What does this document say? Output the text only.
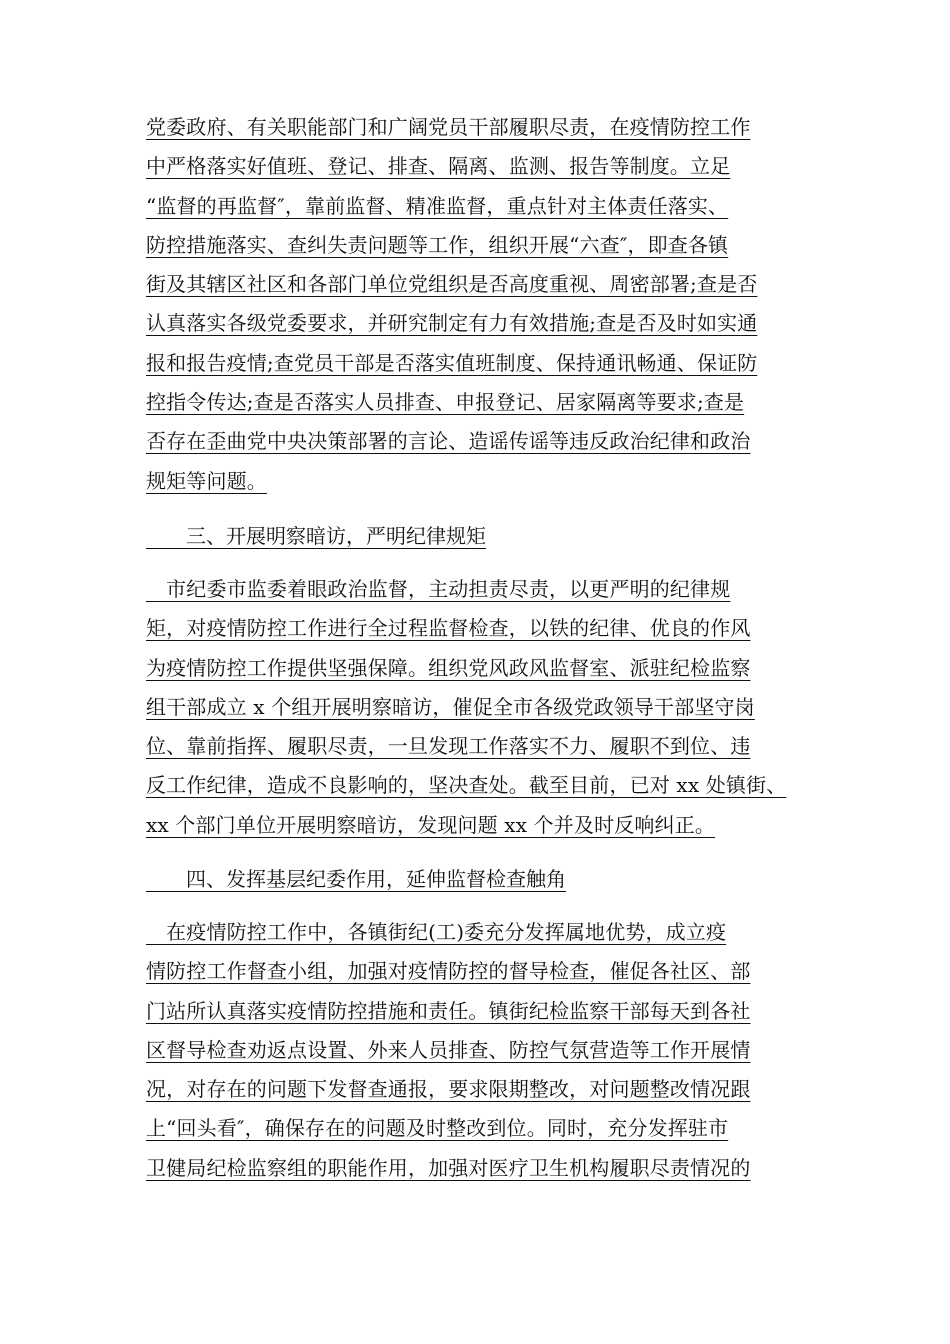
党委政府、有关职能部门和广阔党员干部履职尽责，在疫情防控工作
中严格落实好值班、登记、排查、隔离、监测、报告等制度。立足
“监督的再监督″，靠前监督、精准监督，重点针对主体责任落实、
防控措施落实、查纠失责问题等工作，组织开展“六查″，即查各镇
街及其辖区社区和各部门单位党组织是否高度重视、周密部署;查是否
认真落实各级党委要求，并研究制定有力有效措施;查是否及时如实通
报和报告疫情;查党员干部是否落实值班制度、保持通讯畅通、保证防
控指令传达;查是否落实人员排查、申报登记、居家隔离等要求;查是
否存在歪曲党中央决策部署的言论、造谣传谣等违反政治纪律和政治
规矩等问题。
　　三、开展明察暗访，严明纪律规矩
　市纪委市监委着眼政治监督，主动担责尽责，以更严明的纪律规
矩，对疫情防控工作进行全过程监督检查，以铁的纪律、优良的作风
为疫情防控工作提供坚强保障。组织党风政风监督室、派驻纪检监察
组干部成立 x 个组开展明察暗访，催促全市各级党政领导干部坚守岗
位、靠前指挥、履职尽责，一旦发现工作落实不力、履职不到位、违
反工作纪律，造成不良影响的，坚决查处。截至目前，已对 xx 处镇街、
xx 个部门单位开展明察暗访，发现问题 xx 个并及时反响纠正。
　　四、发挥基层纪委作用，延伸监督检查触角
　在疫情防控工作中，各镇街纪(工)委充分发挥属地优势，成立疫
情防控工作督查小组，加强对疫情防控的督导检查，催促各社区、部
门站所认真落实疫情防控措施和责任。镇街纪检监察干部每天到各社
区督导检查劝返点设置、外来人员排查、防控气氛营造等工作开展情
况，对存在的问题下发督查通报，要求限期整改，对问题整改情况跟
上“回头看″，确保存在的问题及时整改到位。同时，充分发挥驻市
卫健局纪检监察组的职能作用，加强对医疗卫生机构履职尽责情况的
